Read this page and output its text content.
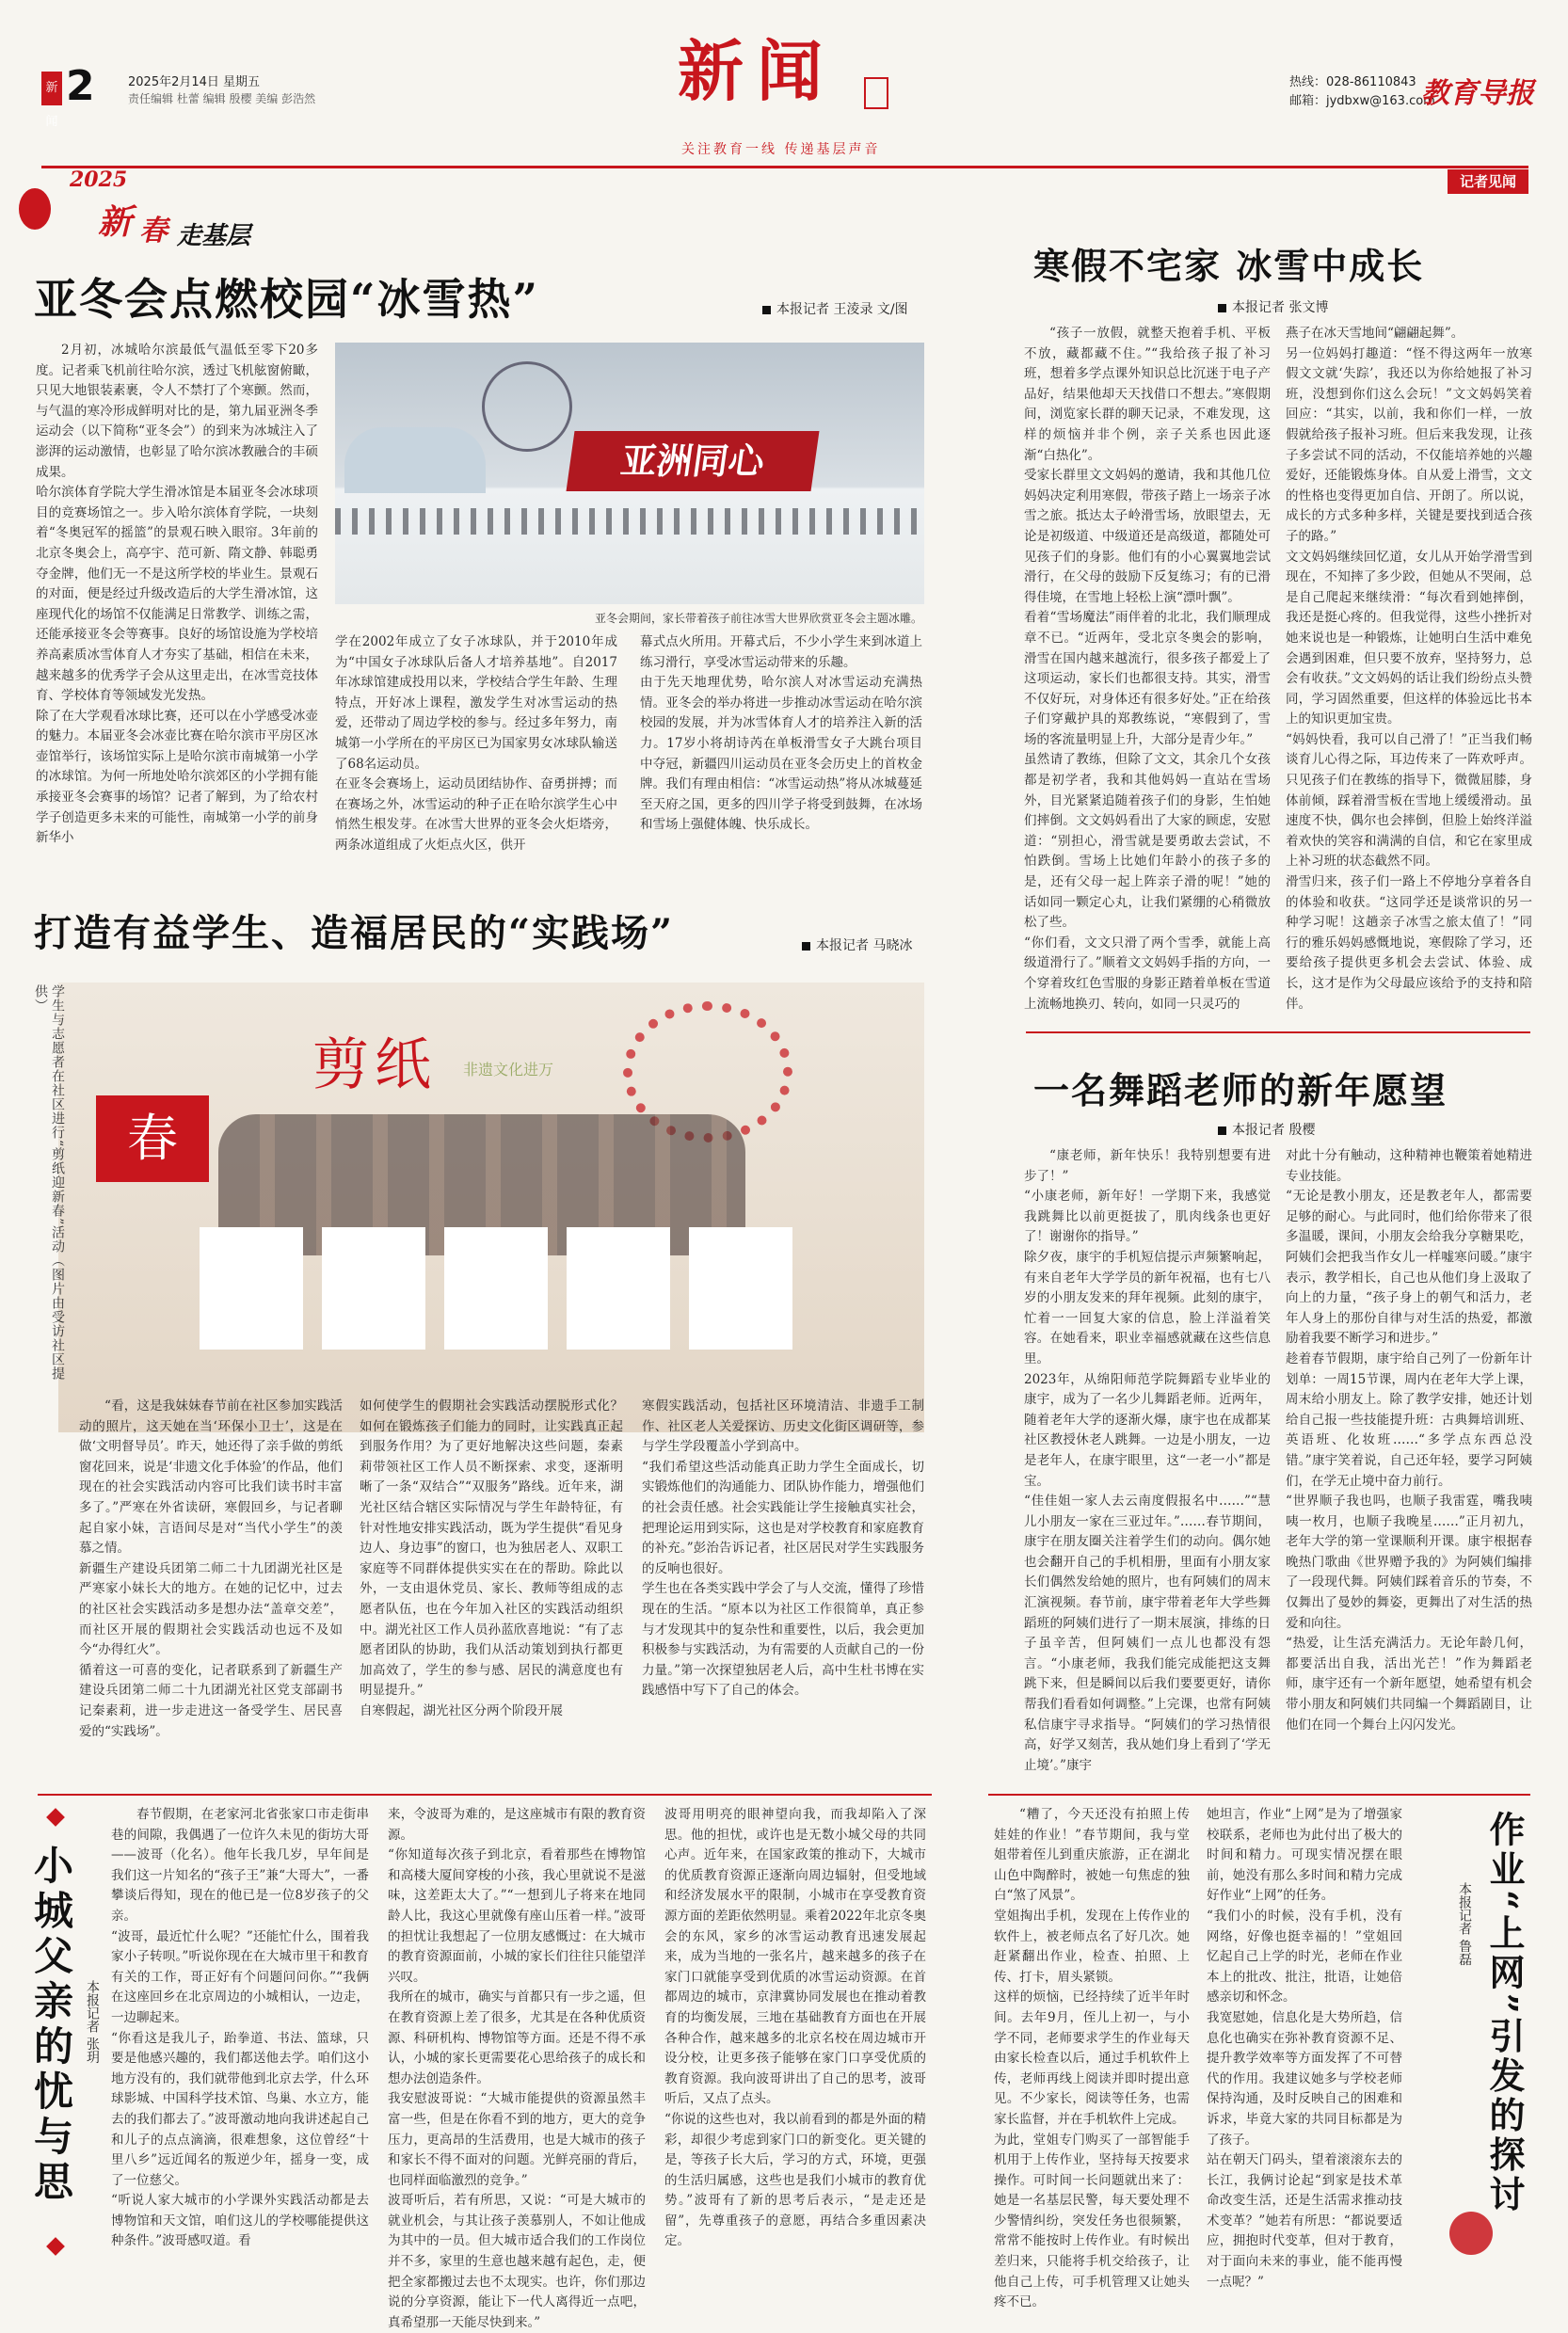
新闻
2	2025年2月14日 星期五
责任编辑 杜蕾 编辑 殷樱 美编 彭浩然	新闻
关注教育一线 传递基层声音
热线：028-86110843
邮箱：jydbxw@163.com
教育导报
记者见闻
2025
新 春 走基层
亚冬会点燃校园“冰雪热”	本报记者 王淩录 文/图

2月初，冰城哈尔滨最低气温低至零下20多度。记者乘飞机前往哈尔滨，透过飞机舷窗俯瞰，只见大地银装素裹，令人不禁打了个寒颤。然而，与气温的寒冷形成鲜明对比的是，第九届亚洲冬季运动会（以下简称“亚冬会”）的到来为冰城注入了澎湃的运动激情，也彰显了哈尔滨冰教融合的丰硕成果。
哈尔滨体育学院大学生滑冰馆是本届亚冬会冰球项目的竞赛场馆之一。步入哈尔滨体育学院，一块刻着“冬奥冠军的摇篮”的景观石映入眼帘。3年前的北京冬奥会上，高亭宇、范可新、隋文静、韩聪勇夺金牌，他们无一不是这所学校的毕业生。景观石的对面，便是经过升级改造后的大学生滑冰馆，这座现代化的场馆不仅能满足日常教学、训练之需，还能承接亚冬会等赛事。良好的场馆设施为学校培养高素质冰雪体育人才夯实了基础，相信在未来，越来越多的优秀学子会从这里走出，在冰雪竞技体育、学校体育等领域发光发热。
除了在大学观看冰球比赛，还可以在小学感受冰壶的魅力。本届亚冬会冰壶比赛在哈尔滨市平房区冰壶馆举行，该场馆实际上是哈尔滨市南城第一小学的冰球馆。为何一所地处哈尔滨郊区的小学拥有能承接亚冬会赛事的场馆？记者了解到，为了给农村学子创造更多未来的可能性，南城第一小学的前身新华小

亚洲同心
亚冬会期间，家长带着孩子前往冰雪大世界欣赏亚冬会主题冰雕。

学在2002年成立了女子冰球队，并于2010年成为“中国女子冰球队后备人才培养基地”。自2017年冰球馆建成投用以来，学校结合学生年龄、生理特点，开好冰上课程，激发学生对冰雪运动的热爱，还带动了周边学校的参与。经过多年努力，南城第一小学所在的平房区已为国家男女冰球队输送了68名运动员。
在亚冬会赛场上，运动员团结协作、奋勇拼搏；而在赛场之外，冰雪运动的种子正在哈尔滨学生心中悄然生根发芽。在冰雪大世界的亚冬会火炬塔旁，两条冰道组成了火炬点火区，供开

幕式点火所用。开幕式后，不少小学生来到冰道上练习滑行，享受冰雪运动带来的乐趣。
由于先天地理优势，哈尔滨人对冰雪运动充满热情。亚冬会的举办将进一步推动冰雪运动在哈尔滨校园的发展，并为冰雪体育人才的培养注入新的活力。17岁小将胡诗芮在单板滑雪女子大跳台项目中夺冠，新疆四川运动员在亚冬会历史上的首枚金牌。我们有理由相信：“冰雪运动热”将从冰城蔓延至天府之国，更多的四川学子将受到鼓舞，在冰场和雪场上强健体魄、快乐成长。

打造有益学生、造福居民的“实践场”	本报记者 马晓冰
剪纸 非遗文化进万
春
学生与志愿者在社区进行“剪纸迎新春”活动（图片由受访社区提供）

“看，这是我妹妹春节前在社区参加实践活动的照片，这天她在当‘环保小卫士’，这是在做‘文明督导员’。昨天，她还得了亲手做的剪纸窗花回来，说是‘非遗文化手体验’的作品，他们现在的社会实践活动内容可比我们读书时丰富多了。”严寒在外省读研，寒假回乡，与记者聊起自家小妹，言语间尽是对“当代小学生”的羡慕之情。
新疆生产建设兵团第二师二十九团湖光社区是严寒家小妹长大的地方。在她的记忆中，过去的社区社会实践活动多是想办法“盖章交差”，而社区开展的假期社会实践活动也远不及如今“办得红火”。
循着这一可喜的变化，记者联系到了新疆生产建设兵团第二师二十九团湖光社区党支部副书记秦素莉，进一步走进这一备受学生、居民喜爱的“实践场”。

如何使学生的假期社会实践活动摆脱形式化？如何在锻炼孩子们能力的同时，让实践真正起到服务作用？为了更好地解决这些问题，秦素莉带领社区工作人员不断探索、求变，逐渐明晰了一条“双结合”“双服务”路线。近年来，湖光社区结合辖区实际情况与学生年龄特征，有针对性地安排实践活动，既为学生提供“看见身边人、身边事”的窗口，也为独居老人、双职工家庭等不同群体提供实实在在的帮助。除此以外，一支由退休党员、家长、教师等组成的志愿者队伍，也在今年加入社区的实践活动组织中。湖光社区工作人员孙蓝欣喜地说：“有了志愿者团队的协助，我们从活动策划到执行都更加高效了，学生的参与感、居民的满意度也有明显提升。”
自寒假起，湖光社区分两个阶段开展

寒假实践活动，包括社区环境清洁、非遗手工制作、社区老人关爱探访、历史文化街区调研等，参与学生学段覆盖小学到高中。
“我们希望这些活动能真正助力学生全面成长，切实锻炼他们的沟通能力、团队协作能力，增强他们的社会责任感。社会实践能让学生接触真实社会，把理论运用到实际，这也是对学校教育和家庭教育的补充。”彭治告诉记者，社区居民对学生实践服务的反响也很好。
学生也在各类实践中学会了与人交流，懂得了珍惜现在的生活。“原本以为社区工作很简单，真正参与才发现其中的复杂性和重要性，以后，我会更加积极参与实践活动，为有需要的人贡献自己的一份力量。”第一次探望独居老人后，高中生杜书博在实践感悟中写下了自己的体会。

寒假不宅家 冰雪中成长
本报记者 张文博

“孩子一放假，就整天抱着手机、平板不放，藏都藏不住。”“我给孩子报了补习班，想着多学点课外知识总比沉迷于电子产品好，结果他却天天找借口不想去。”寒假期间，浏览家长群的聊天记录，不难发现，这样的烦恼并非个例，亲子关系也因此逐渐“白热化”。
受家长群里文文妈妈的邀请，我和其他几位妈妈决定利用寒假，带孩子踏上一场亲子冰雪之旅。抵达太子岭滑雪场，放眼望去，无论是初级道、中级道还是高级道，都随处可见孩子们的身影。他们有的小心翼翼地尝试滑行，在父母的鼓励下反复练习；有的已滑得佳境，在雪地上轻松上演“漂叶飘”。
看着“雪场魔法”雨伴着的北北，我们顺理成章不已。“近两年，受北京冬奥会的影响，滑雪在国内越来越流行，很多孩子都爱上了这项运动，家长们也都很支持。其实，滑雪不仅好玩，对身体还有很多好处。”正在给孩子们穿戴护具的郑教练说，“寒假到了，雪场的客流量明显上升，大部分是青少年。”
虽然请了教练，但除了文文，其余几个女孩都是初学者，我和其他妈妈一直站在雪场外，目光紧紧追随着孩子们的身影，生怕她们摔倒。文文妈妈看出了大家的顾虑，安慰道：“别担心，滑雪就是要勇敢去尝试，不怕跌倒。雪场上比她们年龄小的孩子多的是，还有父母一起上阵亲子滑的呢！”她的话如同一颗定心丸，让我们紧绷的心稍微放松了些。
“你们看，文文只滑了两个雪季，就能上高级道滑行了。”顺着文文妈妈手指的方向，一个穿着玫红色雪服的身影正踏着单板在雪道上流畅地换刃、转向，如同一只灵巧的

燕子在冰天雪地间“翩翩起舞”。
另一位妈妈打趣道：“怪不得这两年一放寒假文文就‘失踪’，我还以为你给她报了补习班，没想到你们这么会玩！”文文妈妈笑着回应：“其实，以前，我和你们一样，一放假就给孩子报补习班。但后来我发现，让孩子多尝试不同的活动，不仅能培养她的兴趣爱好，还能锻炼身体。自从爱上滑雪，文文的性格也变得更加自信、开朗了。所以说，成长的方式多种多样，关键是要找到适合孩子的路。”
文文妈妈继续回忆道，女儿从开始学滑雪到现在，不知摔了多少跤，但她从不哭闹，总是自己爬起来继续滑：“每次看到她摔倒，我还是挺心疼的。但我觉得，这些小挫折对她来说也是一种锻炼，让她明白生活中难免会遇到困难，但只要不放弃，坚持努力，总会有收获。”文文妈妈的话让我们纷纷点头赞同，学习固然重要，但这样的体验远比书本上的知识更加宝贵。
“妈妈快看，我可以自己滑了！”正当我们畅谈育儿心得之际，耳边传来了一阵欢呼声。只见孩子们在教练的指导下，微微屈膝，身体前倾，踩着滑雪板在雪地上缓缓滑动。虽速度不快，偶尔也会摔倒，但脸上始终洋溢着欢快的笑容和满满的自信，和它在家里成上补习班的状态截然不同。
滑雪归来，孩子们一路上不停地分享着各自的体验和收获。“这同学还是谈常识的另一种学习呢！这趟亲子冰雪之旅太值了！”同行的雅乐妈妈感慨地说，寒假除了学习，还要给孩子提供更多机会去尝试、体验、成长，这才是作为父母最应该给予的支持和陪伴。

一名舞蹈老师的新年愿望
本报记者 殷樱

“康老师，新年快乐！我特别想要有进步了！”
“小康老师，新年好！一学期下来，我感觉我跳舞比以前更挺拔了，肌肉线条也更好了！谢谢你的指导。”
除夕夜，康宇的手机短信提示声频繁响起，有来自老年大学学员的新年祝福，也有七八岁的小朋友发来的拜年视频。此刻的康宇，忙着一一回复大家的信息，脸上洋溢着笑容。在她看来，职业幸福感就藏在这些信息里。
2023年，从绵阳师范学院舞蹈专业毕业的康宇，成为了一名少儿舞蹈老师。近两年，随着老年大学的逐渐火爆，康宇也在成都某社区教授休老人跳舞。一边是小朋友，一边是老年人，在康宇眼里，这“一老一小”都是宝。
“佳佳姐一家人去云南度假报名中……”“慧儿小朋友一家在三亚过年。”……春节期间，康宇在朋友圈关注着学生们的动向。偶尔她也会翻开自己的手机相册，里面有小朋友家长们偶然发给她的照片，也有阿姨们的周末汇演视频。春节前，康宇带着老年大学些舞蹈班的阿姨们进行了一期末展演，排练的日子虽辛苦，但阿姨们一点儿也都没有怨言。“小康老师，我我们能完成能把这支舞跳下来，但是瞬间以后我们要要更好，请你帮我们看看如何调整。”上完课，也常有阿姨私信康宇寻求指导。“阿姨们的学习热情很高，好学又刻苦，我从她们身上看到了‘学无止境’。”康宇

对此十分有触动，这种精神也鞭策着她精进专业技能。
“无论是教小朋友，还是教老年人，都需要足够的耐心。与此同时，他们给你带来了很多温暖，课间，小朋友会给我分享糖果吃，阿姨们会把我当作女儿一样嘘寒问暖。”康宇表示，教学相长，自己也从他们身上汲取了向上的力量，“孩子身上的朝气和活力，老年人身上的那份自律与对生活的热爱，都激励着我要不断学习和进步。”
趁着春节假期，康宇给自己列了一份新年计划单：一周15节课，周内在老年大学上课，周末给小朋友上。除了教学安排，她还计划给自己报一些技能提升班：古典舞培训班、英语班、化妆班……“多学点东西总没错。”康宇笑着说，自己还年轻，要学习阿姨们，在学无止境中奋力前行。
“世界顺子我也吗，也顺子我雷霆，嘴我咦咦一枚月，也顺子我晚星……”正月初九，老年大学的第一堂课顺利开课。康宇根据春晚热门歌曲《世界赠予我的》为阿姨们编排了一段现代舞。阿姨们踩着音乐的节奏，不仅舞出了曼妙的舞姿，更舞出了对生活的热爱和向往。
“热爱，让生活充满活力。无论年龄几何，都要活出自我，活出光芒！”作为舞蹈老师，康宇还有一个新年愿望，她希望有机会带小朋友和阿姨们共同编一个舞蹈剧目，让他们在同一个舞台上闪闪发光。

小城父亲的忧与思 本报记者 张玥

春节假期，在老家河北省张家口市走街串巷的间隙，我偶遇了一位许久未见的街坊大哥——波哥（化名）。他年长我几岁，早年间是我们这一片知名的“孩子王”兼“大哥大”，一番攀谈后得知，现在的他已是一位8岁孩子的父亲。
“波哥，最近忙什么呢？”还能忙什么，围着我家小子转呗。”听说你现在在大城市里干和教育有关的工作，哥正好有个问题问问你。”“我俩在这座回乡在北京周边的小城相认，一边走，一边聊起来。
“你看这是我儿子，跆拳道、书法、篮球，只要是他感兴趣的，我们都送他去学。咱们这小地方没有的，我们就带他到北京去学，什么环球影城、中国科学技术馆、鸟巢、水立方，能去的我们都去了。”波哥激动地向我讲述起自己和儿子的点点滴滴，很难想象，这位曾经“十里八乡”远近闻名的叛逆少年，摇身一变，成了一位慈父。
“听说人家大城市的小学课外实践活动都是去博物馆和天文馆，咱们这儿的学校哪能提供这种条件。”波哥感叹道。看

来，令波哥为难的，是这座城市有限的教育资源。
“你知道每次孩子到北京，看着那些在博物馆和高楼大厦间穿梭的小孩，我心里就说不是滋味，这差距太大了。”“一想到儿子将来在地同龄人比，我这心里就像有座山压着一样。”波哥的担忧让我想起了一位朋友感慨过：在大城市的教育资源面前，小城的家长们往往只能望洋兴叹。
我所在的城市，确实与首都只有一步之遥，但在教育资源上差了很多，尤其是在各种优质资源、科研机构、博物馆等方面。还是不得不承认，小城的家长更需要花心思给孩子的成长和想办法创造条件。
我安慰波哥说：“大城市能提供的资源虽然丰富一些，但是在你看不到的地方，更大的竞争压力，更高昂的生活费用，也是大城市的孩子和家长不得不面对的问题。光鲜亮丽的背后，也同样面临激烈的竞争。”
波哥听后，若有所思，又说：“可是大城市的就业机会，与其让孩子羡慕别人，不如让他成为其中的一员。但大城市适合我们的工作岗位并不多，家里的生意也越来越有起色，走，便把全家都搬过去也不太现实。也许，你们那边说的分享资源，能让下一代人离得近一点吧，真希望那一天能尽快到来。”

波哥用明亮的眼神望向我，而我却陷入了深思。他的担忧，或许也是无数小城父母的共同心声。近年来，在国家政策的推动下，大城市的优质教育资源正逐渐向周边辐射，但受地域和经济发展水平的限制，小城市在享受教育资源方面的差距依然明显。乘着2022年北京冬奥会的东风，家乡的冰雪运动教育迅速发展起来，成为当地的一张名片，越来越多的孩子在家门口就能享受到优质的冰雪运动资源。在首都周边的城市，京津冀协同发展也在推动着教育的均衡发展，三地在基础教育方面也在开展各种合作，越来越多的北京名校在周边城市开设分校，让更多孩子能够在家门口享受优质的教育资源。我向波哥讲出了自己的思考，波哥听后，又点了点头。
“你说的这些也对，我以前看到的都是外面的精彩，却很少考虑到家门口的新变化。更关键的是，等孩子长大后，学习的方式，环境，更强的生活归属感，这些也是我们小城市的教育优势。”波哥有了新的思考后表示，“是走还是留”，先尊重孩子的意愿，再结合多重因素决定。

“糟了，今天还没有拍照上传娃娃的作业！”春节期间，我与堂姐带着侄儿到重庆旅游，正在湖北山色中陶醉时，被她一句焦虑的独白“煞了风景”。
堂姐掏出手机，发现在上传作业的软件上，被老师点名了好几次。她赶紧翻出作业，检查、拍照、上传、打卡，眉头紧锁。
这样的烦恼，已经持续了近半年时间。去年9月，侄儿上初一，与小学不同，老师要求学生的作业每天由家长检查以后，通过手机软件上传，老师再线上阅读并即时提出意见。不少家长，阅读等任务，也需家长监督，并在手机软件上完成。
为此，堂姐专门购买了一部智能手机用于上传作业，坚持每天按要求操作。可时间一长问题就出来了：她是一名基层民警，每天要处理不少警情纠纷，突发任务也很频繁，常常不能按时上传作业。有时候出差归来，只能将手机交给孩子，让他自己上传，可手机管理又让她头疼不已。

她坦言，作业“上网”是为了增强家校联系，老师也为此付出了极大的时间和精力。可现实情况摆在眼前，她没有那么多时间和精力完成好作业“上网”的任务。
“我们小的时候，没有手机，没有网络，好像也挺幸福的！”堂姐回忆起自己上学的时光，老师在作业本上的批改、批注，批语，让她倍感亲切和怀念。
我宽慰她，信息化是大势所趋，信息化也确实在弥补教育资源不足、提升教学效率等方面发挥了不可替代的作用。我建议她多与学校老师保持沟通，及时反映自己的困难和诉求，毕竟大家的共同目标都是为了孩子。
站在朝天门码头，望着滚滚东去的长江，我俩讨论起“到家是技术革命改变生活，还是生活需求推动技术变革？”她若有所思：“都说要适应，拥抱时代变革，但对于教育，对于面向未来的事业，能不能再慢一点呢？”

作业“上网”引发的探讨
本报记者 鲁磊
